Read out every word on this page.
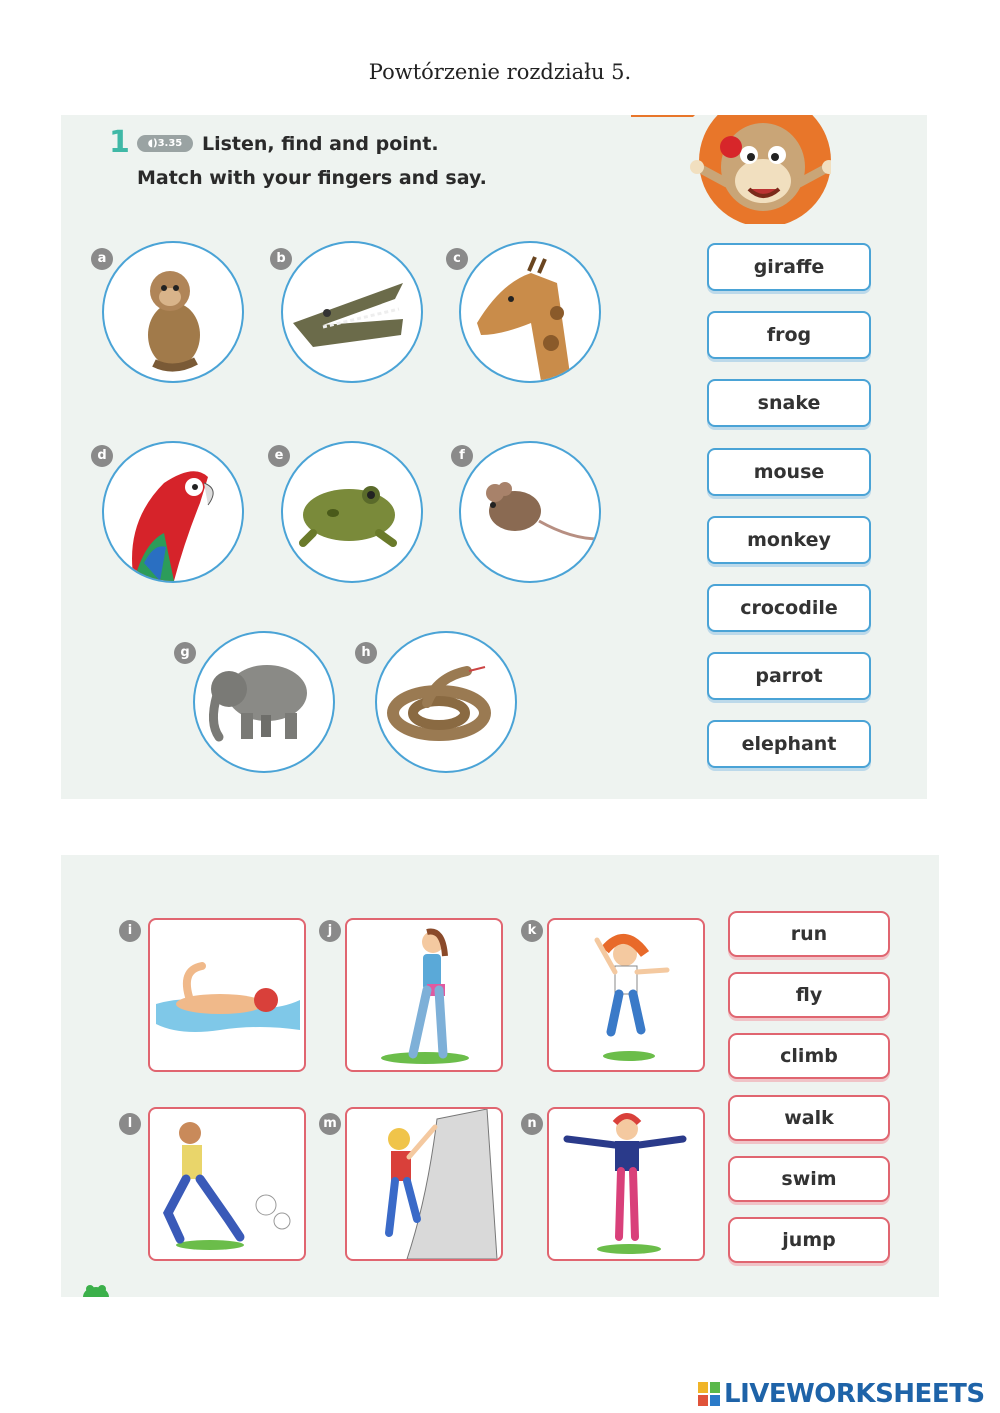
Powtórzenie rozdziału 5.
1	◖)3.35	Listen, find and point.
Match with your fingers and say.
a	b	c
d	e	f
g	h
giraffe
frog
snake
mouse
monkey
crocodile
parrot
elephant
i	j	k
l	m	n
run
fly
climb
walk
swim
jump
LIVEWORKSHEETS
